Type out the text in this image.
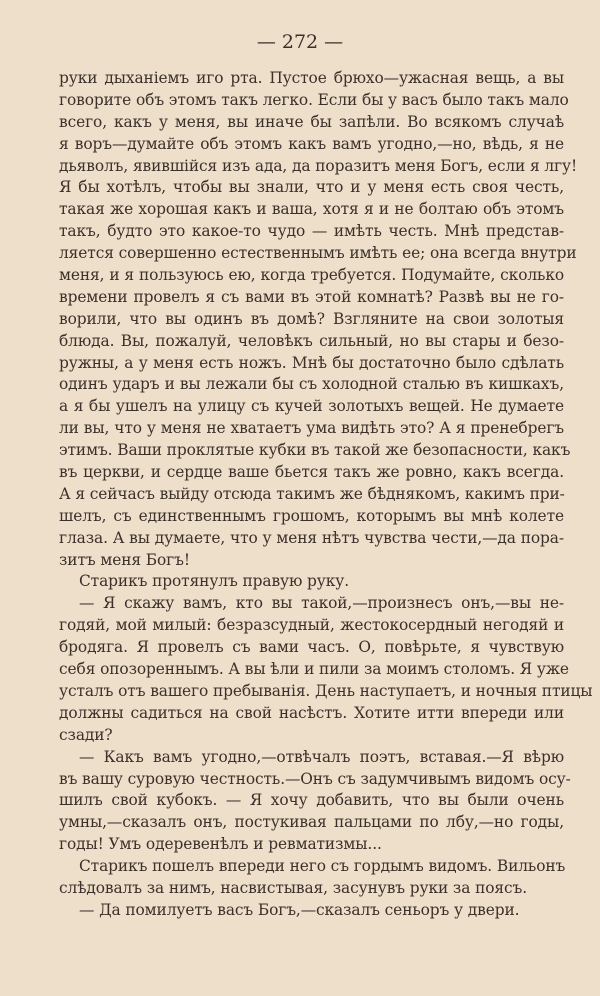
— 272 —
руки дыханіемъ иго рта. Пустое брюхо—ужасная вещь, а вы
говорите объ этомъ такъ легко. Если бы у васъ было такъ мало
всего, какъ у меня, вы иначе бы запѣли. Во всякомъ случаѣ
я воръ—думайте объ этомъ какъ вамъ угодно,—но, вѣдь, я не
дьяволъ, явившійся изъ ада, да поразитъ меня Богъ, если я лгу!
Я бы хотѣлъ, чтобы вы знали, что и у меня есть своя честь,
такая же хорошая какъ и ваша, хотя я и не болтаю объ этомъ
такъ, будто это какое-то чудо — имѣть честь. Мнѣ представ-
ляется совершенно естественнымъ имѣть ее; она всегда внутри
меня, и я пользуюсь ею, когда требуется. Подумайте, сколько
времени провелъ я съ вами въ этой комнатѣ? Развѣ вы не го-
ворили, что вы одинъ въ домѣ? Взгляните на свои золотыя
блюда. Вы, пожалуй, человѣкъ сильный, но вы стары и безо-
ружны, а у меня есть ножъ. Мнѣ бы достаточно было сдѣлать
одинъ ударъ и вы лежали бы съ холодной сталью въ кишкахъ,
а я бы ушелъ на улицу съ кучей золотыхъ вещей. Не думаете
ли вы, что у меня не хватаетъ ума видѣть это? А я пренебрегъ
этимъ. Ваши проклятые кубки въ такой же безопасности, какъ
въ церкви, и сердце ваше бьется такъ же ровно, какъ всегда.
А я сейчасъ выйду отсюда такимъ же бѣднякомъ, какимъ при-
шелъ, съ единственнымъ грошомъ, которымъ вы мнѣ колете
глаза. А вы думаете, что у меня нѣтъ чувства чести,—да пора-
зитъ меня Богъ!
Старикъ протянулъ правую руку.
— Я скажу вамъ, кто вы такой,—произнесъ онъ,—вы не-
годяй, мой милый: безразсудный, жестокосердный негодяй и
бродяга. Я провелъ съ вами часъ. О, повѣрьте, я чувствую
себя опозореннымъ. А вы ѣли и пили за моимъ столомъ. Я уже
усталъ отъ вашего пребыванія. День наступаетъ, и ночныя птицы
должны садиться на свой насѣстъ. Хотите итти впереди или
сзади?
— Какъ вамъ угодно,—отвѣчалъ поэтъ, вставая.—Я вѣрю
въ вашу суровую честность.—Онъ съ задумчивымъ видомъ осу-
шилъ свой кубокъ. — Я хочу добавить, что вы были очень
умны,—сказалъ онъ, постукивая пальцами по лбу,—но годы,
годы! Умъ одеревенѣлъ и ревматизмы...
Старикъ пошелъ впереди него съ гордымъ видомъ. Вильонъ
слѣдовалъ за нимъ, насвистывая, засунувъ руки за поясъ.
— Да помилуетъ васъ Богъ,—сказалъ сеньоръ у двери.
